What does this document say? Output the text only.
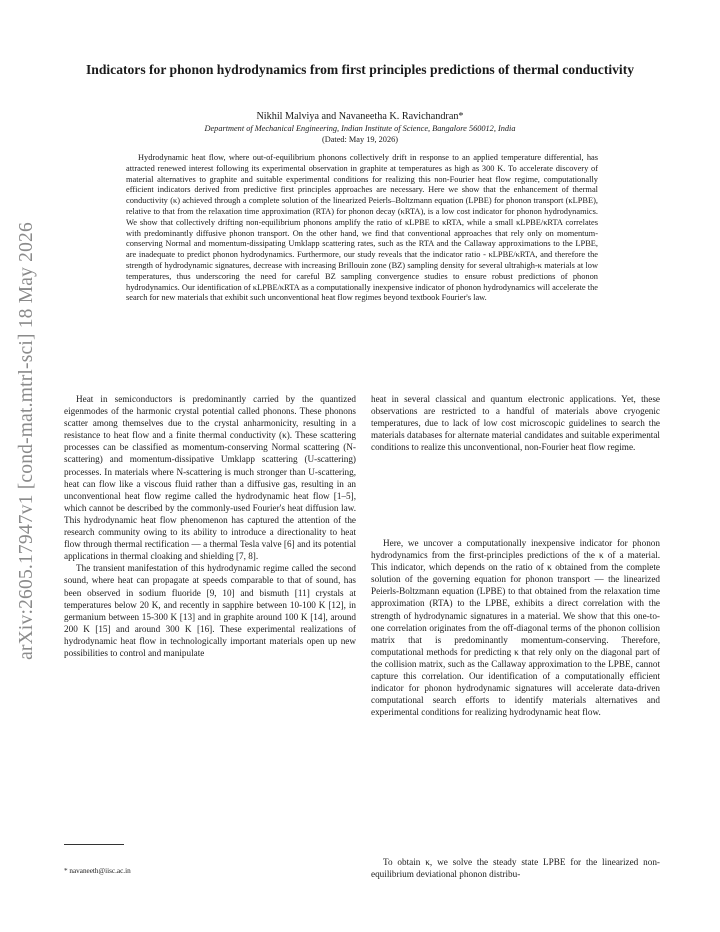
arXiv:2605.17947v1 [cond-mat.mtrl-sci] 18 May 2026
Indicators for phonon hydrodynamics from first principles predictions of thermal conductivity
Nikhil Malviya and Navaneetha K. Ravichandran*
Department of Mechanical Engineering, Indian Institute of Science, Bangalore 560012, India
(Dated: May 19, 2026)
Hydrodynamic heat flow, where out-of-equilibrium phonons collectively drift in response to an applied temperature differential, has attracted renewed interest following its experimental observation in graphite at temperatures as high as 300 K. To accelerate discovery of material alternatives to graphite and suitable experimental conditions for realizing this non-Fourier heat flow regime, computationally efficient indicators derived from predictive first principles approaches are necessary. Here we show that the enhancement of thermal conductivity (κ) achieved through a complete solution of the linearized Peierls–Boltzmann equation (LPBE) for phonon transport (κLPBE), relative to that from the relaxation time approximation (RTA) for phonon decay (κRTA), is a low cost indicator for phonon hydrodynamics. We show that collectively drifting non-equilibrium phonons amplify the ratio of κLPBE to κRTA, while a small κLPBE/κRTA correlates with predominantly diffusive phonon transport. On the other hand, we find that conventional approaches that rely only on momentum-conserving Normal and momentum-dissipating Umklapp scattering rates, such as the RTA and the Callaway approximations to the LPBE, are inadequate to predict phonon hydrodynamics. Furthermore, our study reveals that the indicator ratio - κLPBE/κRTA, and therefore the strength of hydrodynamic signatures, decrease with increasing Brillouin zone (BZ) sampling density for several ultrahigh-κ materials at low temperatures, thus underscoring the need for careful BZ sampling convergence studies to ensure robust predictions of phonon hydrodynamics. Our identification of κLPBE/κRTA as a computationally inexpensive indicator of phonon hydrodynamics will accelerate the search for new materials that exhibit such unconventional heat flow regimes beyond textbook Fourier's law.

Heat in semiconductors is predominantly carried by the quantized eigenmodes of the harmonic crystal potential called phonons. These phonons scatter among themselves due to the crystal anharmonicity, resulting in a resistance to heat flow and a finite thermal conductivity (κ). These scattering processes can be classified as momentum-conserving Normal scattering (N-scattering) and momentum-dissipative Umklapp scattering (U-scattering) processes. In materials where N-scattering is much stronger than U-scattering, heat can flow like a viscous fluid rather than a diffusive gas, resulting in an unconventional heat flow regime called the hydrodynamic heat flow [1–5], which cannot be described by the commonly-used Fourier's heat diffusion law. This hydrodynamic heat flow phenomenon has captured the attention of the research community owing to its ability to introduce a directionality to heat flow through thermal rectification — a thermal Tesla valve [6] and its potential applications in thermal cloaking and shielding [7, 8].

The transient manifestation of this hydrodynamic regime called the second sound, where heat can propagate at speeds comparable to that of sound, has been observed in sodium fluoride [9, 10] and bismuth [11] crystals at temperatures below 20 K, and recently in sapphire between 10-100 K [12], in germanium between 15-300 K [13] and in graphite around 100 K [14], around 200 K [15] and around 300 K [16]. These experimental realizations of hydrodynamic heat flow in technologically important materials open up new possibilities to control and manipulate

heat in several classical and quantum electronic applications. Yet, these observations are restricted to a handful of materials above cryogenic temperatures, due to lack of low cost microscopic guidelines to search the materials databases for alternate material candidates and suitable experimental conditions to realize this unconventional, non-Fourier heat flow regime.

Here, we uncover a computationally inexpensive indicator for phonon hydrodynamics from the first-principles predictions of the κ of a material. This indicator, which depends on the ratio of κ obtained from the complete solution of the governing equation for phonon transport — the linearized Peierls-Boltzmann equation (LPBE) to that obtained from the relaxation time approximation (RTA) to the LPBE, exhibits a direct correlation with the strength of hydrodynamic signatures in a material. We show that this one-to-one correlation originates from the off-diagonal terms of the phonon collision matrix that is predominantly momentum-conserving. Therefore, computational methods for predicting κ that rely only on the diagonal part of the collision matrix, such as the Callaway approximation to the LPBE, cannot capture this correlation. Our identification of a computationally efficient indicator for phonon hydrodynamic signatures will accelerate data-driven computational search efforts to identify materials alternatives and experimental conditions for realizing hydrodynamic heat flow.

To obtain κ, we solve the steady state LPBE for the linearized non-equilibrium deviational phonon distribu-

* navaneeth@iisc.ac.in
